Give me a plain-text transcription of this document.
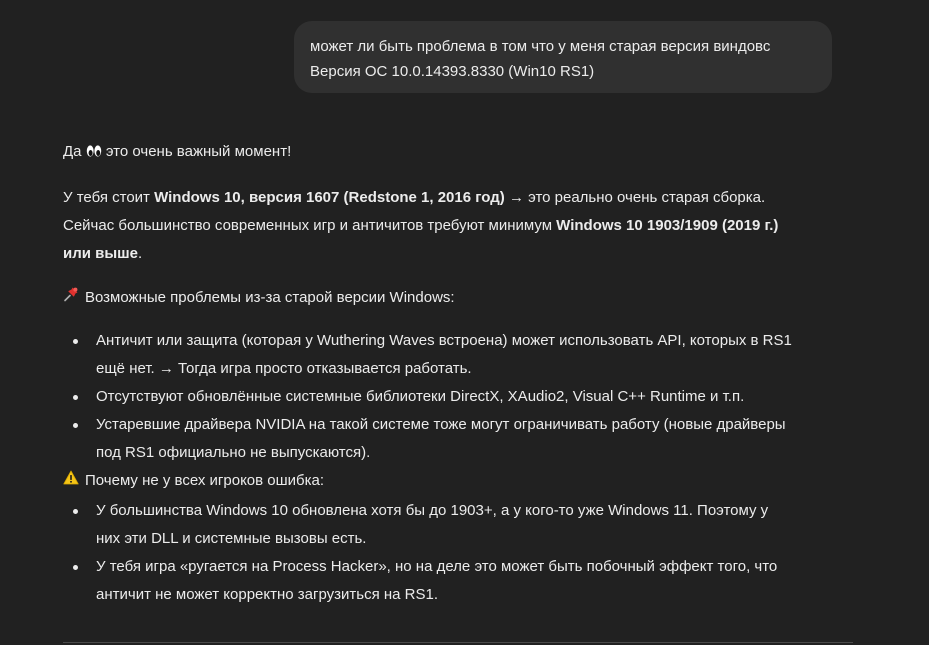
может ли быть проблема в том что у меня старая версия виндовс
Версия ОС 10.0.14393.8330 (Win10 RS1)

Да  это очень важный момент!

У тебя стоит Windows 10, версия 1607 (Redstone 1, 2016 год) → это реально очень старая сборка.
Сейчас большинство современных игр и античитов требуют минимум Windows 10 1903/1909 (2019 г.)
или выше.

Возможные проблемы из-за старой версии Windows:
Античит или защита (которая у Wuthering Waves встроена) может использовать API, которых в RS1
ещё нет. → Тогда игра просто отказывается работать.
Отсутствуют обновлённые системные библиотеки DirectX, XAudio2, Visual C++ Runtime и т.п.
Устаревшие драйвера NVIDIA на такой системе тоже могут ограничивать работу (новые драйверы
под RS1 официально не выпускаются).
Почему не у всех игроков ошибка:
У большинства Windows 10 обновлена хотя бы до 1903+, а у кого-то уже Windows 11. Поэтому у
них эти DLL и системные вызовы есть.
У тебя игра «ругается на Process Hacker», но на деле это может быть побочный эффект того, что
античит не может корректно загрузиться на RS1.
